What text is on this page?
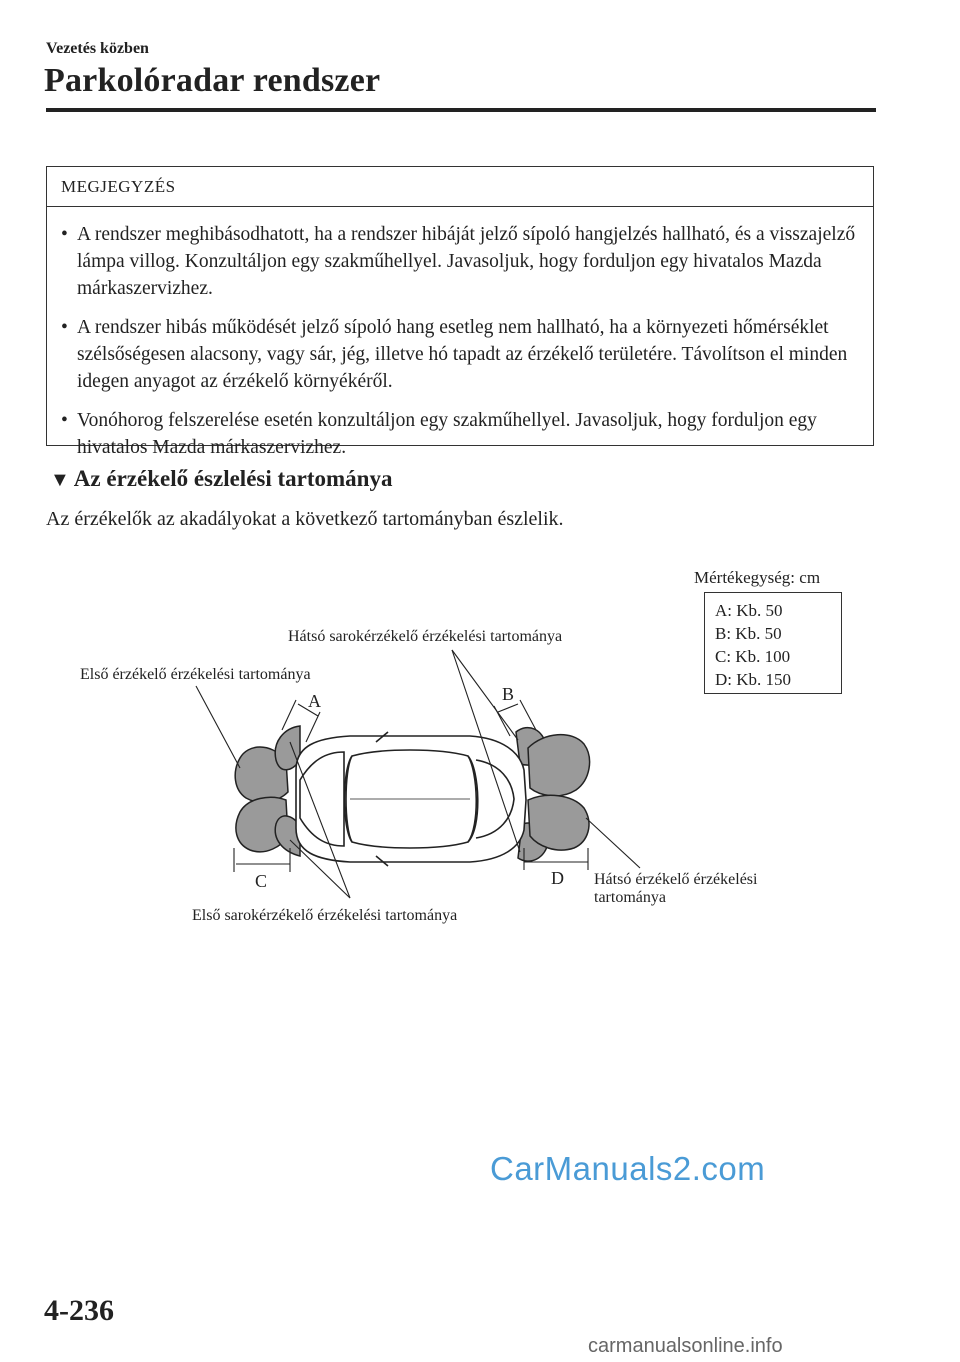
Vezetés közben
Parkolóradar rendszer
MEGJEGYZÉS
• A rendszer meghibásodhatott, ha a rendszer hibáját jelző sípoló hangjelzés hallható, és a visszajelző lámpa villog. Konzultáljon egy szakműhellyel. Javasoljuk, hogy forduljon egy hivatalos Mazda márkaszervizhez.
• A rendszer hibás működését jelző sípoló hang esetleg nem hallható, ha a környezeti hőmérséklet szélsőségesen alacsony, vagy sár, jég, illetve hó tapadt az érzékelő területére. Távolítson el minden idegen anyagot az érzékelő környékéről.
• Vonóhorog felszerelése esetén konzultáljon egy szakműhellyel. Javasoljuk, hogy forduljon egy hivatalos Mazda márkaszervizhez.
▼ Az érzékelő észlelési tartománya
Az érzékelők az akadályokat a következő tartományban észlelik.
Mértékegység: cm
A: Kb. 50
B: Kb. 50
C: Kb. 100
D: Kb. 150
Hátsó sarokérzékelő érzékelési tartománya
Első érzékelő érzékelési tartománya
Első sarokérzékelő érzékelési tartománya
Hátsó érzékelő érzékelési
tartománya
A	B
C	D
CarManuals2.com
4-236
carmanualsonline.info
